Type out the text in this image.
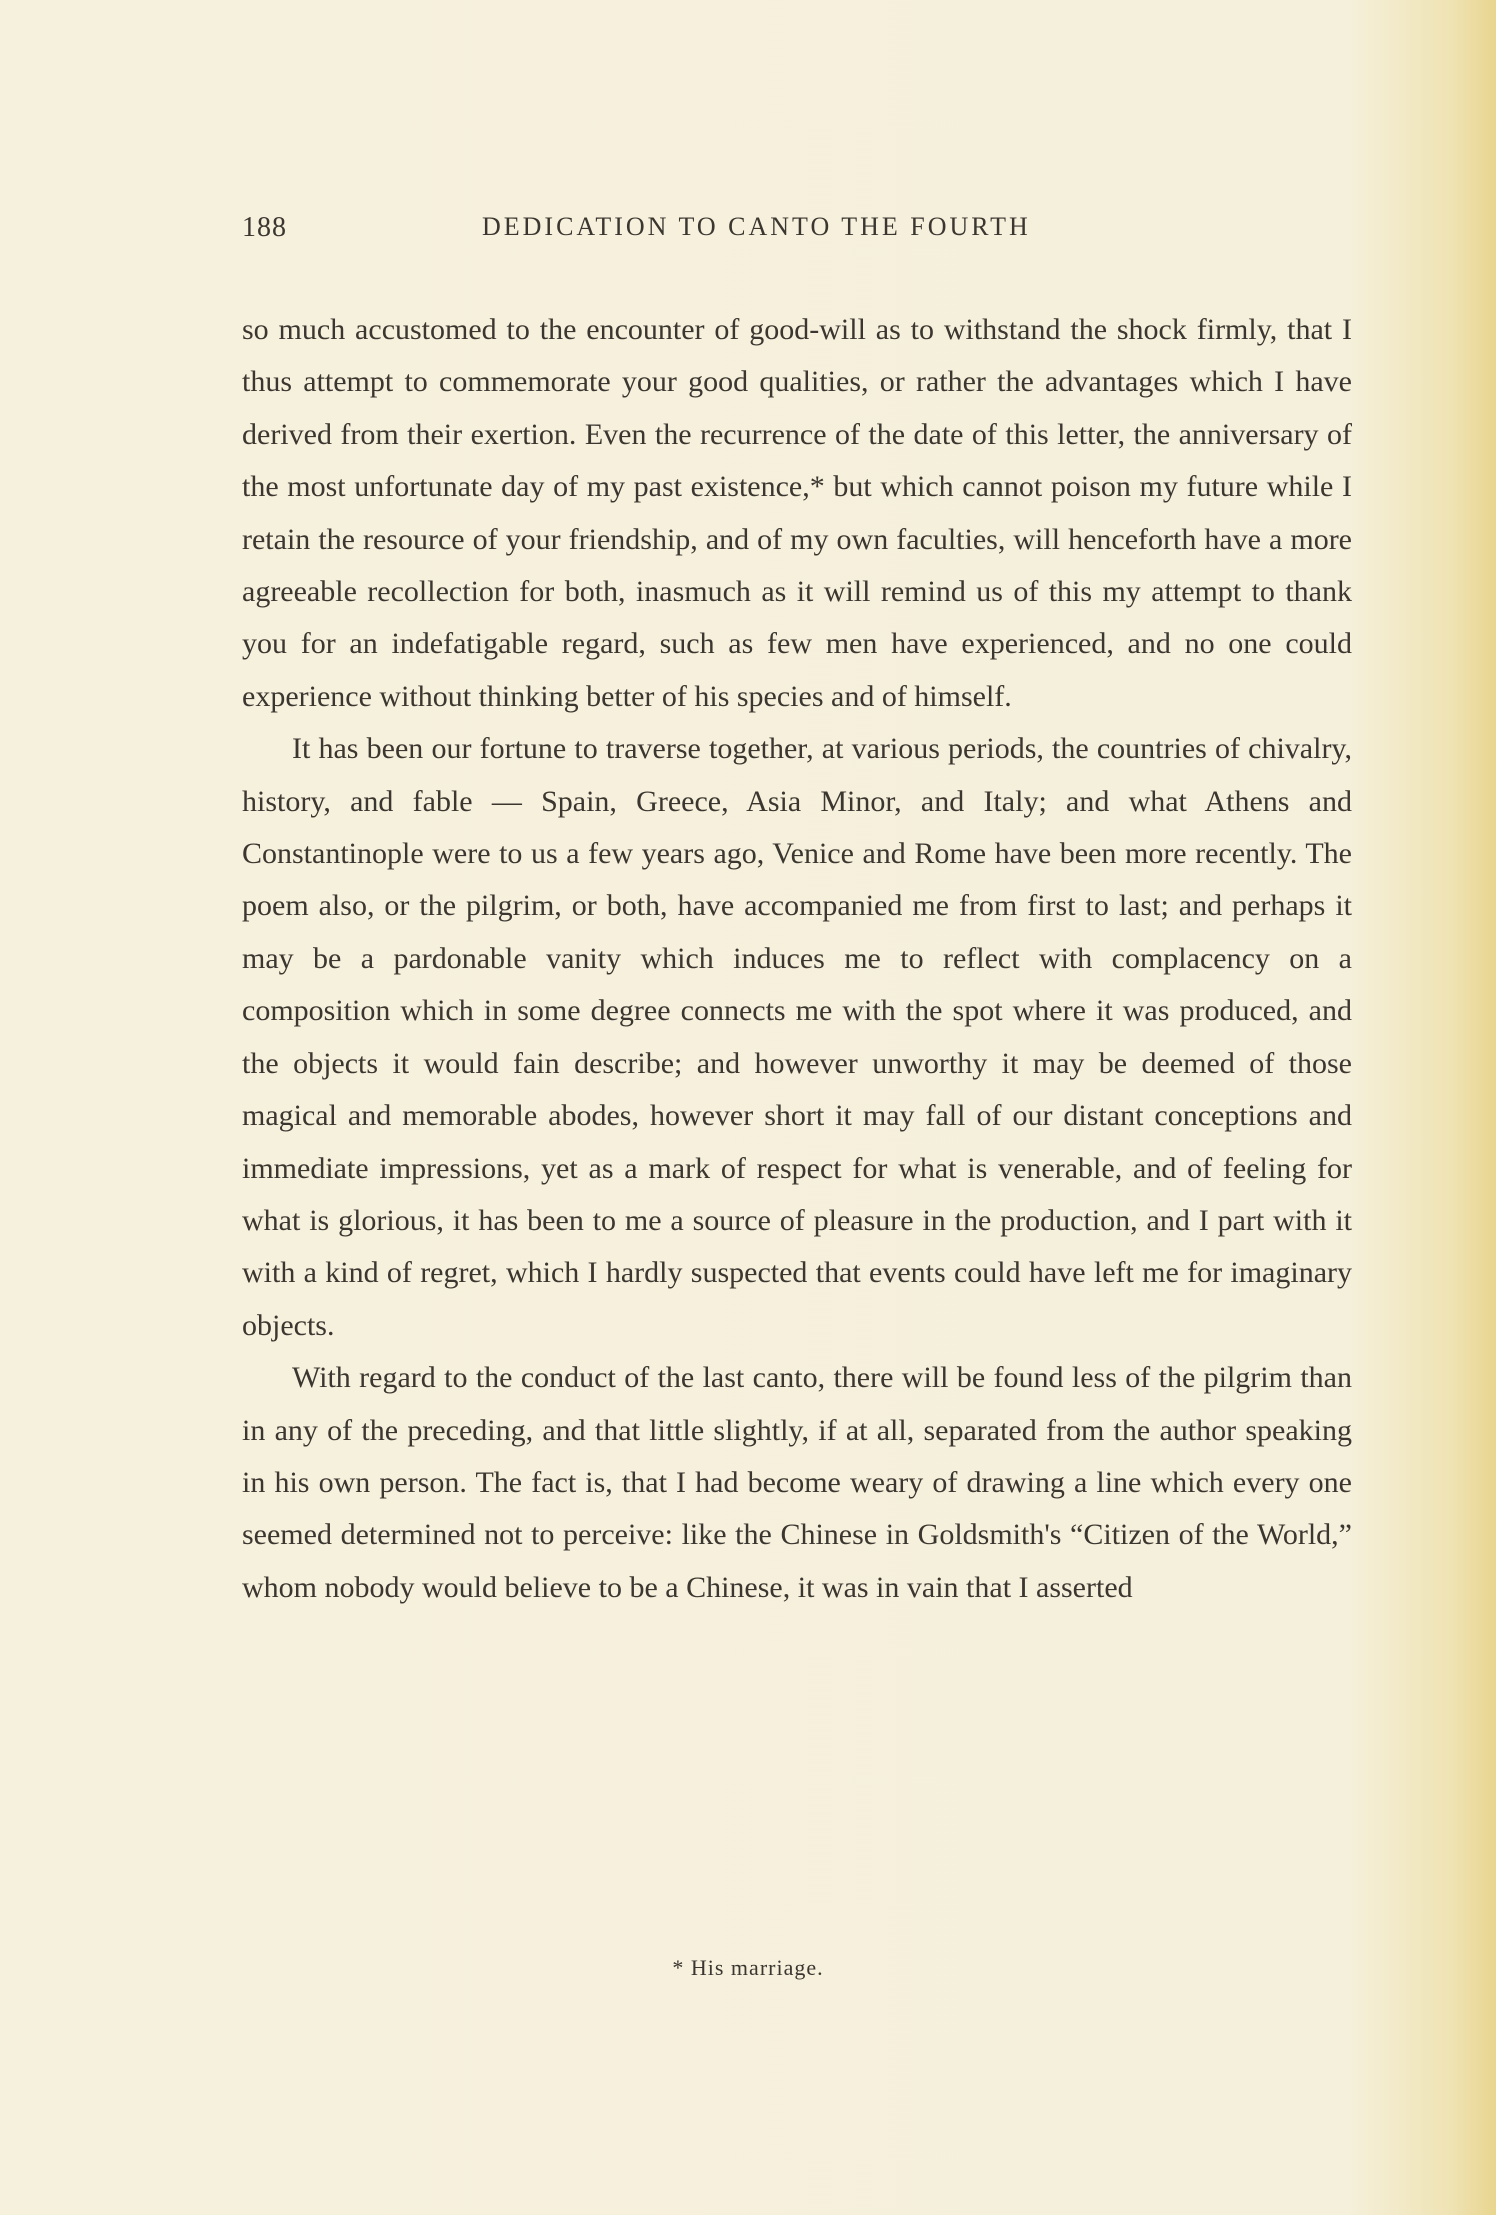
188	DEDICATION TO CANTO THE FOURTH

so much accustomed to the encounter of good-will as to withstand the shock firmly, that I thus attempt to commemorate your good qualities, or rather the advantages which I have derived from their exertion. Even the recurrence of the date of this letter, the anniversary of the most unfortunate day of my past existence,* but which cannot poison my future while I retain the resource of your friendship, and of my own faculties, will henceforth have a more agreeable recollection for both, inasmuch as it will remind us of this my attempt to thank you for an indefatigable regard, such as few men have experienced, and no one could experience without thinking better of his species and of himself.

It has been our fortune to traverse together, at various periods, the countries of chivalry, history, and fable — Spain, Greece, Asia Minor, and Italy; and what Athens and Constantinople were to us a few years ago, Venice and Rome have been more recently. The poem also, or the pilgrim, or both, have accompanied me from first to last; and perhaps it may be a pardonable vanity which induces me to reflect with complacency on a composition which in some degree connects me with the spot where it was produced, and the objects it would fain describe; and however unworthy it may be deemed of those magical and memorable abodes, however short it may fall of our distant conceptions and immediate impressions, yet as a mark of respect for what is venerable, and of feeling for what is glorious, it has been to me a source of pleasure in the production, and I part with it with a kind of regret, which I hardly suspected that events could have left me for imaginary objects.

With regard to the conduct of the last canto, there will be found less of the pilgrim than in any of the preceding, and that little slightly, if at all, separated from the author speaking in his own person. The fact is, that I had become weary of drawing a line which every one seemed determined not to perceive: like the Chinese in Goldsmith's “Citizen of the World,” whom nobody would believe to be a Chinese, it was in vain that I asserted

* His marriage.
